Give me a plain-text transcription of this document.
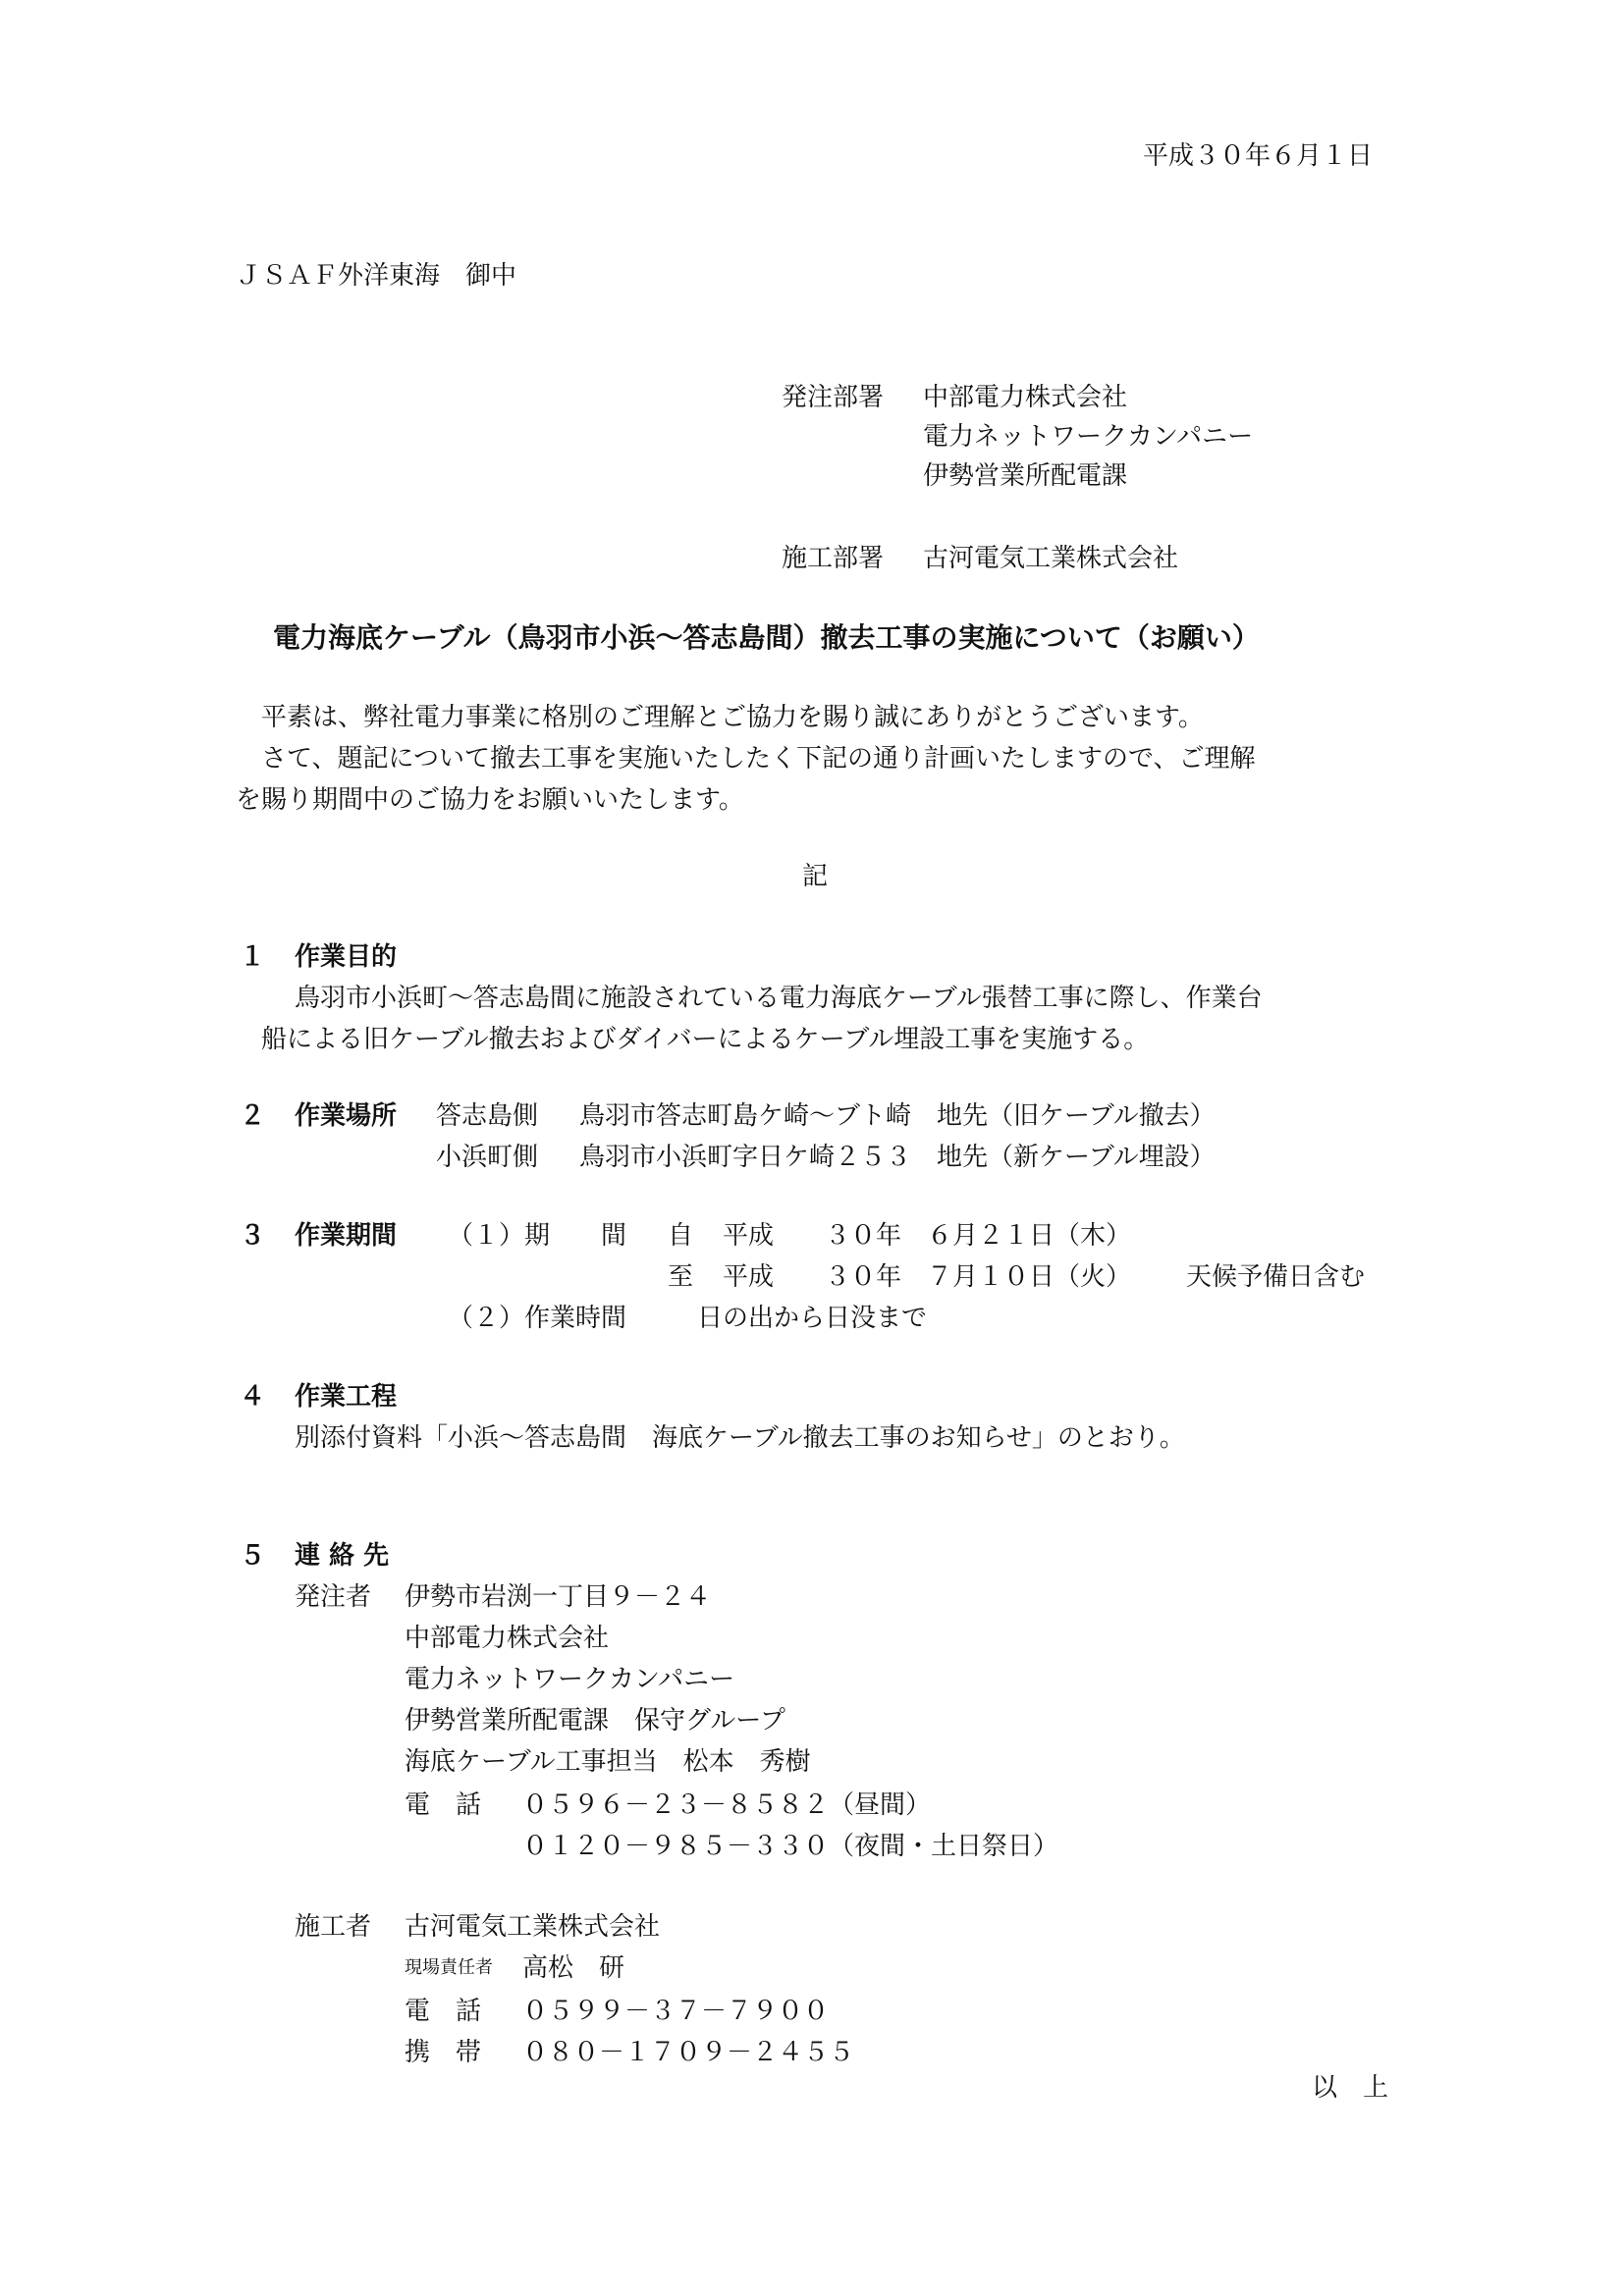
平成３０年６月１日
ＪＳＡＦ外洋東海　御中
発注部署 中部電力株式会社
電力ネットワークカンパニー
伊勢営業所配電課
施工部署 古河電気工業株式会社
電力海底ケーブル（鳥羽市小浜～答志島間）撤去工事の実施について（お願い）
平素は、弊社電力事業に格別のご理解とご協力を賜り誠にありがとうございます。
さて、題記について撤去工事を実施いたしたく下記の通り計画いたしますので、ご理解
を賜り期間中のご協力をお願いいたします。
記
１ 作業目的
鳥羽市小浜町～答志島間に施設されている電力海底ケーブル張替工事に際し、作業台
船による旧ケーブル撤去およびダイバーによるケーブル埋設工事を実施する。
２ 作業場所 答志島側 鳥羽市答志町島ケ崎～ブト崎　地先（旧ケーブル撤去）
小浜町側 鳥羽市小浜町字日ケ崎２５３　地先（新ケーブル埋設）
３ 作業期間 （１）期　　間 自 平成 ３０年 ６月２１日（木）
至 平成 ３０年 ７月１０日（火） 天候予備日含む
（２）作業時間	日の出から日没まで
４ 作業工程
別添付資料「小浜～答志島間　海底ケーブル撤去工事のお知らせ」のとおり。
５ 連 絡 先
発注者 伊勢市岩渕一丁目９－２４
中部電力株式会社
電力ネットワークカンパニー
伊勢営業所配電課　保守グループ
海底ケーブル工事担当　松本　秀樹
電　話 ０５９６－２３－８５８２（昼間）
０１２０－９８５－３３０（夜間・土日祭日）
施工者 古河電気工業株式会社
現場責任者 高松　研
電　話 ０５９９－３７－７９００
携　帯 ０８０－１７０９－２４５５
以　上
